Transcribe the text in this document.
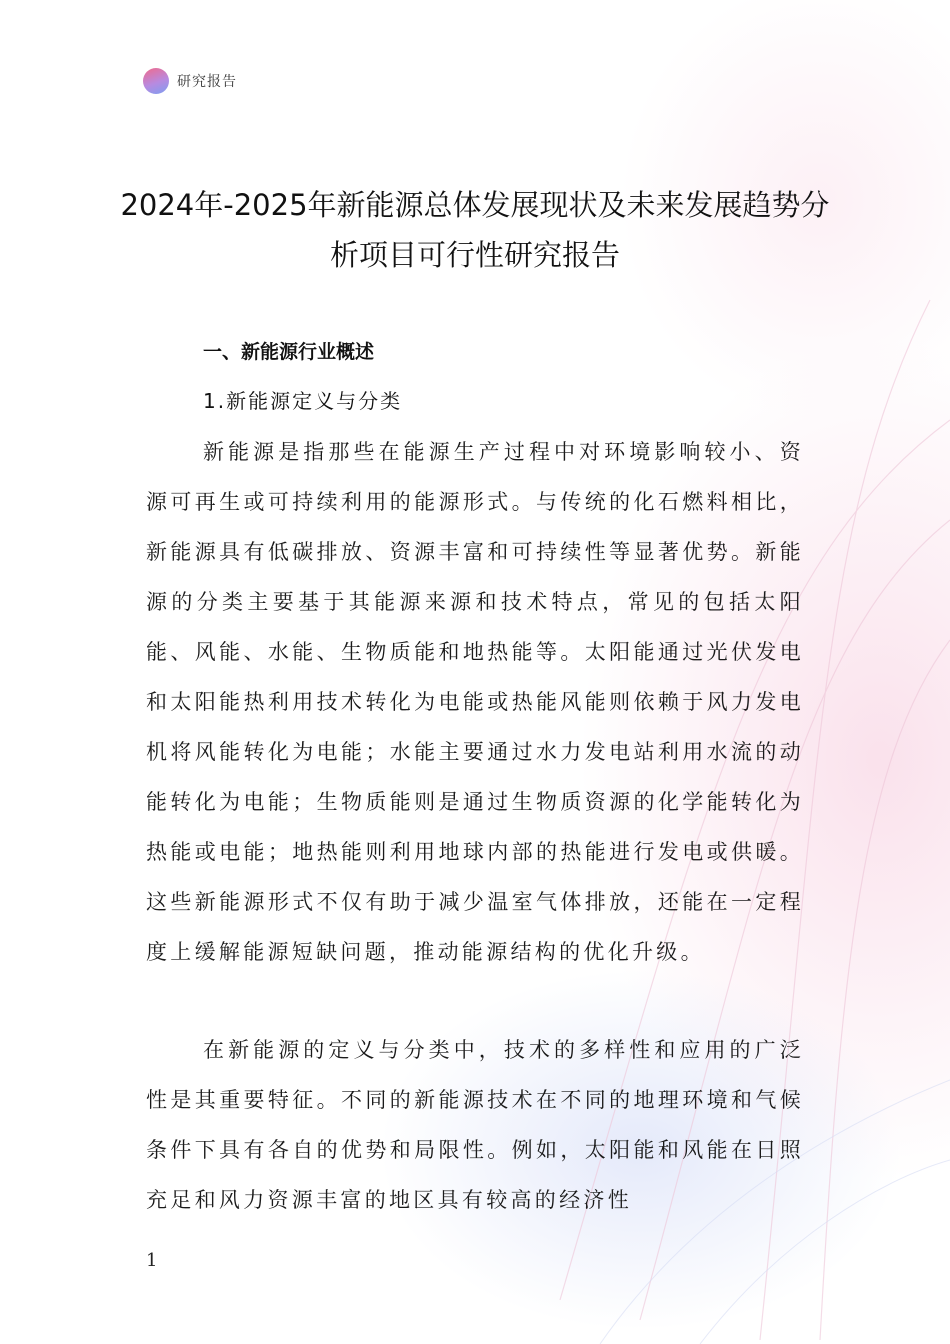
研究报告
2024年-2025年新能源总体发展现状及未来发展趋势分析项目可行性研究报告
一、新能源行业概述
1.新能源定义与分类

新能源是指那些在能源生产过程中对环境影响较小、资源可再生或可持续利用的能源形式。与传统的化石燃料相比，新能源具有低碳排放、资源丰富和可持续性等显著优势。新能源的分类主要基于其能源来源和技术特点，常见的包括太阳能、风能、水能、生物质能和地热能等。太阳能通过光伏发电和太阳能热利用技术转化为电能或热能风能则依赖于风力发电机将风能转化为电能；水能主要通过水力发电站利用水流的动能转化为电能；生物质能则是通过生物质资源的化学能转化为热能或电能；地热能则利用地球内部的热能进行发电或供暖。这些新能源形式不仅有助于减少温室气体排放，还能在一定程度上缓解能源短缺问题，推动能源结构的优化升级。

在新能源的定义与分类中，技术的多样性和应用的广泛性是其重要特征。不同的新能源技术在不同的地理环境和气候条件下具有各自的优势和局限性。例如，太阳能和风能在日照充足和风力资源丰富的地区具有较高的经济性

1
